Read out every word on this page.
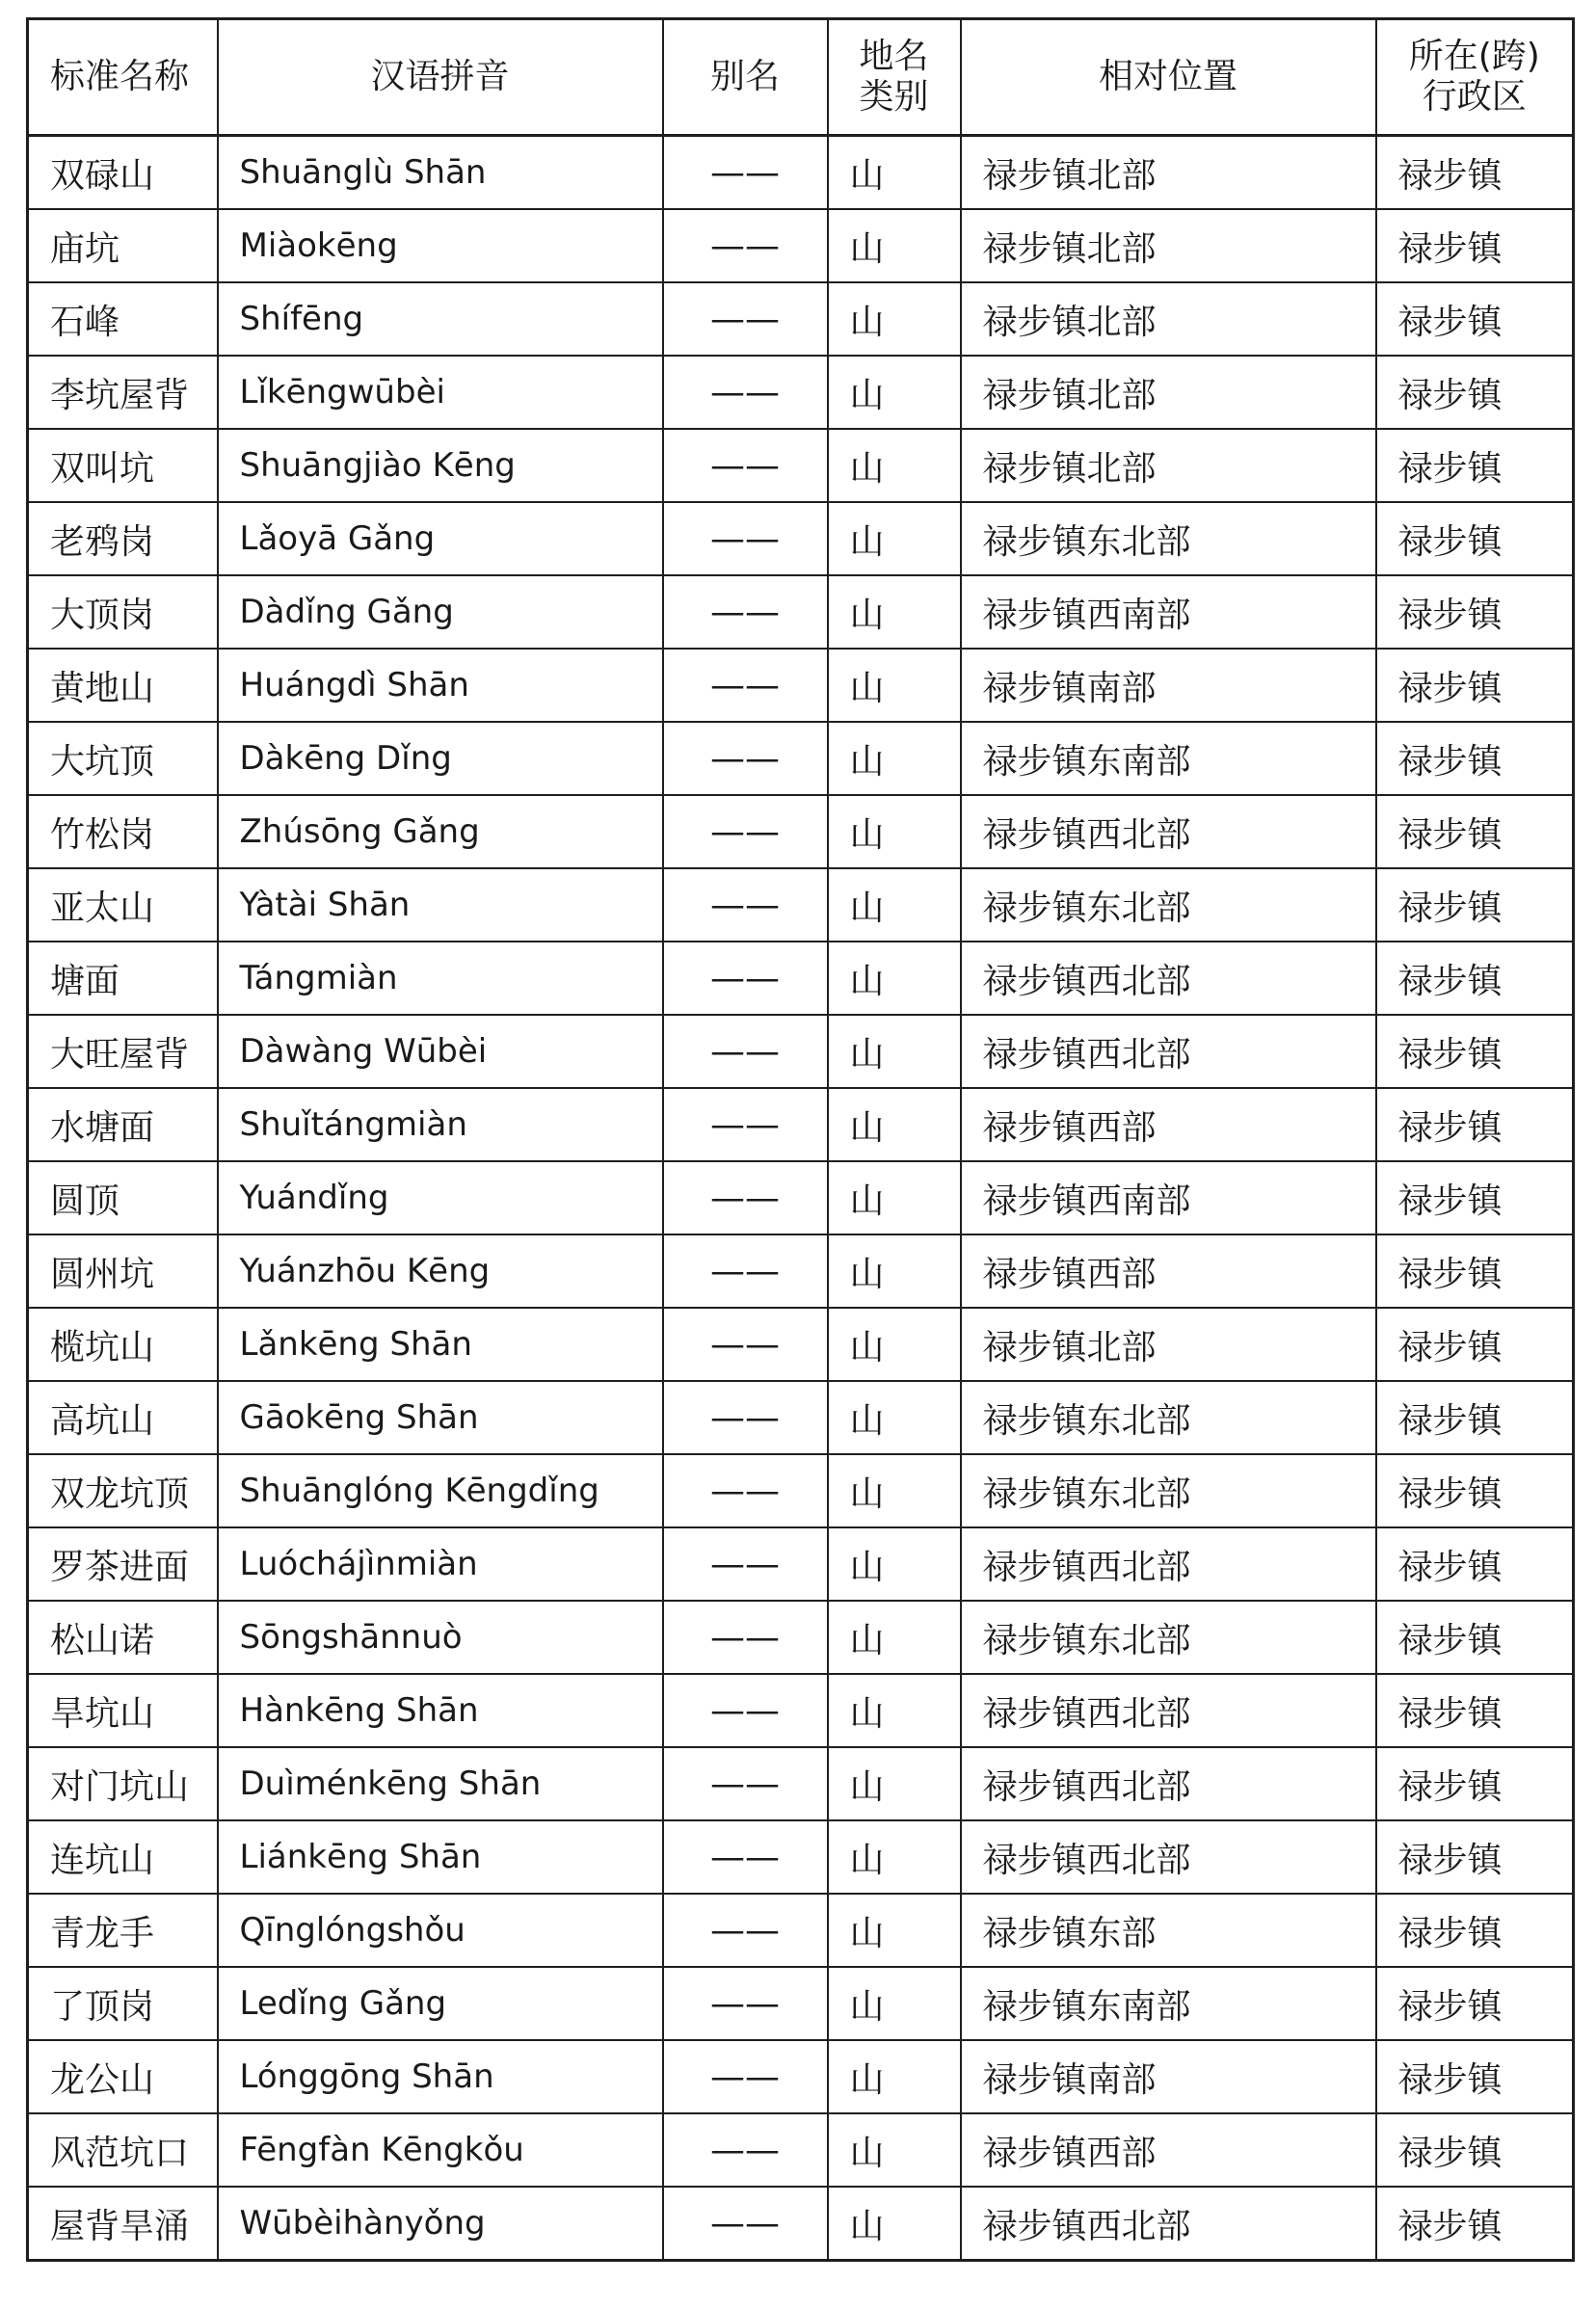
标准名称	汉语拼音	别名	地名类别	相对位置	所在(跨)行政区

双碌山	Shuānglù Shān	——	山	禄步镇北部	禄步镇
庙坑	Miàokēng	——	山	禄步镇北部	禄步镇
石峰	Shífēng	——	山	禄步镇北部	禄步镇
李坑屋背	Lǐkēngwūbèi	——	山	禄步镇北部	禄步镇
双叫坑	Shuāngjiào Kēng	——	山	禄步镇北部	禄步镇
老鸦岗	Lǎoyā Gǎng	——	山	禄步镇东北部	禄步镇
大顶岗	Dàdǐng Gǎng	——	山	禄步镇西南部	禄步镇
黄地山	Huángdì Shān	——	山	禄步镇南部	禄步镇
大坑顶	Dàkēng Dǐng	——	山	禄步镇东南部	禄步镇
竹松岗	Zhúsōng Gǎng	——	山	禄步镇西北部	禄步镇
亚太山	Yàtài Shān	——	山	禄步镇东北部	禄步镇
塘面	Tángmiàn	——	山	禄步镇西北部	禄步镇
大旺屋背	Dàwàng Wūbèi	——	山	禄步镇西北部	禄步镇
水塘面	Shuǐtángmiàn	——	山	禄步镇西部	禄步镇
圆顶	Yuándǐng	——	山	禄步镇西南部	禄步镇
圆州坑	Yuánzhōu Kēng	——	山	禄步镇西部	禄步镇
榄坑山	Lǎnkēng Shān	——	山	禄步镇北部	禄步镇
高坑山	Gāokēng Shān	——	山	禄步镇东北部	禄步镇
双龙坑顶	Shuānglóng Kēngdǐng	——	山	禄步镇东北部	禄步镇
罗茶进面	Luóchájìnmiàn	——	山	禄步镇西北部	禄步镇
松山诺	Sōngshānnuò	——	山	禄步镇东北部	禄步镇
旱坑山	Hànkēng Shān	——	山	禄步镇西北部	禄步镇
对门坑山	Duìménkēng Shān	——	山	禄步镇西北部	禄步镇
连坑山	Liánkēng Shān	——	山	禄步镇西北部	禄步镇
青龙手	Qīnglóngshǒu	——	山	禄步镇东部	禄步镇
了顶岗	Ledǐng Gǎng	——	山	禄步镇东南部	禄步镇
龙公山	Lónggōng Shān	——	山	禄步镇南部	禄步镇
风范坑口	Fēngfàn Kēngkǒu	——	山	禄步镇西部	禄步镇
屋背旱涌	Wūbèihànyǒng	——	山	禄步镇西北部	禄步镇
